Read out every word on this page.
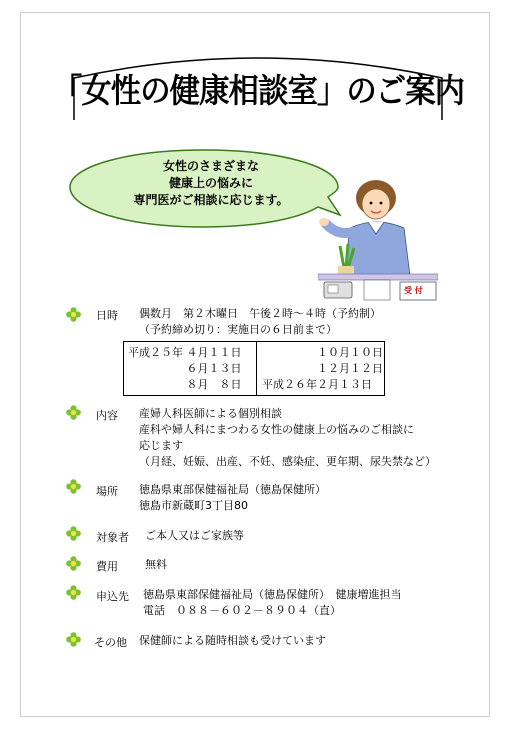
「女性の健康相談室」のご案内
女性のさまざまな
健康上の悩みに
専門医がご相談に応じます。
受 付
日時 偶数月　第２木曜日　午後２時～４時（予約制）
（予約締め切り：実施日の６日前まで）
平成２５年 ４月１１日
　　　　　 ６月１３日
　　　　　 ８月　８日
　　　　　１０月１０日
　　　　　１２月１２日
平成２６年２月１３日
内容 産婦人科医師による個別相談
産科や婦人科にまつわる女性の健康上の悩みのご相談に
応じます
（月経、妊娠、出産、不妊、感染症、更年期、尿失禁など）
場所 徳島県東部保健福祉局（徳島保健所）
徳島市新蔵町3丁目80
対象者 ご本人又はご家族等
費用 無料
申込先 徳島県東部保健福祉局（徳島保健所）　健康増進担当
電話　０８８－６０２－８９０４（直）
その他 保健師による随時相談も受けています
